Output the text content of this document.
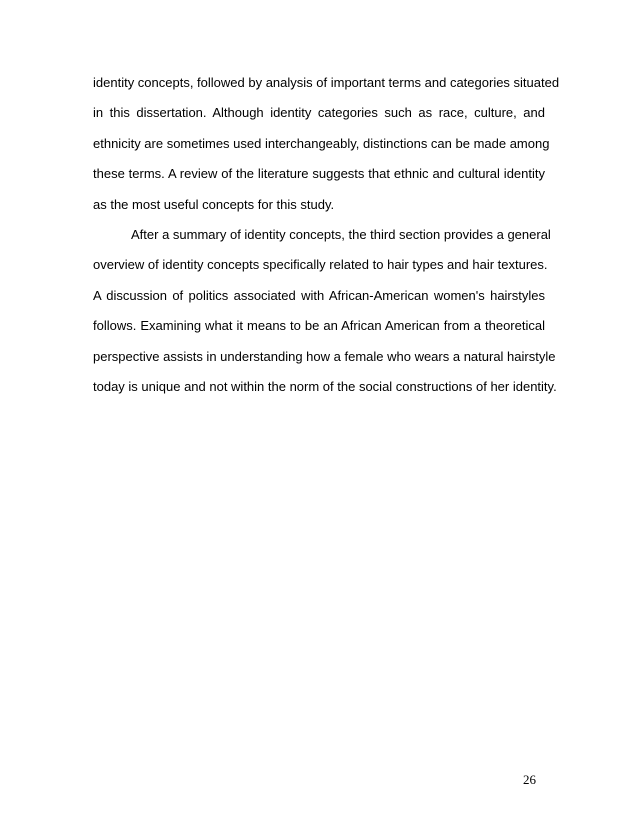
identity concepts, followed by analysis of important terms and categories situated
in this dissertation. Although identity categories such as race, culture, and
ethnicity are sometimes used interchangeably, distinctions can be made among
these terms. A review of the literature suggests that ethnic and cultural identity
as the most useful concepts for this study.
After a summary of identity concepts, the third section provides a general
overview of identity concepts specifically related to hair types and hair textures.
A discussion of politics associated with African-American women's hairstyles
follows. Examining what it means to be an African American from a theoretical
perspective assists in understanding how a female who wears a natural hairstyle
today is unique and not within the norm of the social constructions of her identity.
26
